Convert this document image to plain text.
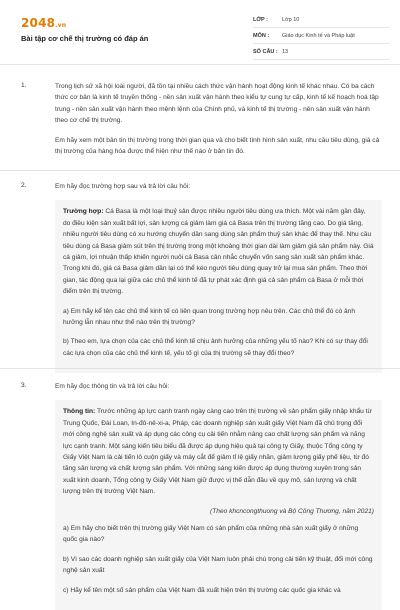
2048.vn
Bài tập cơ chế thị trường có đáp án
LỚP :	Lớp 10
MÔN :	Giáo dục Kinh tế và Pháp luật
SỐ CÂU : 13
1.	Trong lịch sử xã hội loài người, đã tồn tại nhiều cách thức vận hành hoạt động kinh tế khác nhau. Có ba cách thức cơ bản là kinh tế truyền thống - nền sản xuất vận hành theo kiểu tự cung tự cấp, kinh tế kế hoạch hoá tập trung - nền sản xuất vận hành theo mệnh lệnh của Chính phủ, và kinh tế thị trường - nền sản xuất vận hành theo cơ chế thị trường.

Em hãy xem một bản tin thị trường trong thời gian qua và cho biết tình hình sản xuất, nhu cầu tiêu dùng, giá cả thị trường của hàng hóa được thể hiện như thế nào ở bản tin đó.

2.	Em hãy đọc trường hợp sau và trả lời câu hỏi:

Trường hợp: Cá Basa là một loại thuỷ sản được nhiều người tiêu dùng ưa thích. Một vài năm gần đây, do điều kiện sản xuất bất lợi, sản lượng cá giảm làm giá cá Basa trên thị trường tăng cao. Do giá tăng, nhiều người tiêu dùng có xu hướng chuyển dần sang dùng sản phẩm thuỷ sản khác để thay thế. Nhu cầu tiêu dùng cá Basa giảm sút trên thị trường trong một khoảng thời gian dài làm giảm giá sản phẩm này. Giá cá giảm, lợi nhuận thấp khiến người nuôi cá Basa cân nhắc chuyển vốn sang sản xuất sản phẩm khác. Trong khi đó, giá cá Basa giảm dần lại có thể kéo người tiêu dùng quay trở lại mua sản phẩm. Theo thời gian, tác động qua lại giữa các chủ thể kinh tế đã tự phát xác định giá cả sản phẩm cá Basa ở mỗi thời điểm trên thị trường.

a) Em hãy kể tên các chủ thể kinh tế có liên quan trong trường hợp nêu trên. Các chủ thể đó có ảnh hưởng lẫn nhau như thế nào trên thị trường?

b) Theo em, lựa chọn của các chủ thể kinh tế chịu ảnh hưởng của những yếu tố nào? Khi có sự thay đổi các lựa chọn của các chủ thể kinh tế, yếu tố gì của thị trường sẽ thay đổi theo?

3.	Em hãy đọc thông tin và trả lời câu hỏi:

Thông tin: Trước những áp lực cạnh tranh ngày càng cao trên thị trường về sản phẩm giấy nhập khẩu từ Trung Quốc, Đài Loan, In-đô-nê-xi-a, Pháp, các doanh nghiệp sản xuất giấy Việt Nam đã chủ trọng đổi mới công nghệ sản xuất và áp dụng các công cụ cải tiến nhằm nâng cao chất lượng sản phẩm và năng lực cạnh tranh. Một sáng kiến tiêu biểu đã được áp dụng hiệu quả tại công ty Giấy, thuộc Tổng công ty Giấy Việt Nam là cải tiến lô cuộn giấy và máy cắt để giảm tỉ lệ giấy nhăn, giảm lượng giấy phế liệu, từ đó tăng sản lượng và chất lượng sản phẩm. Với những sáng kiến được áp dụng thường xuyên trong sản xuất kinh doanh, Tổng công ty Giấy Việt Nam giữ được vị thế dẫn đầu về quy mô, sản lượng và chất lượng trên thị trường Việt Nam.

(Theo khcncongthuong và Bộ Công Thương, năm 2021)

a) Em hãy cho biết trên thị trường giấy Việt Nam có sản phẩm của những nhà sản xuất giấy ở những quốc gia nào?

b) Vì sao các doanh nghiệp sản xuất giấy của Việt Nam luôn phải chú trọng cải tiến kỹ thuật, đổi mới công nghệ sản xuất

c) Hãy kể tên một số sản phẩm của Việt Nam đã xuất hiện trên thị trường các quốc gia khác và
